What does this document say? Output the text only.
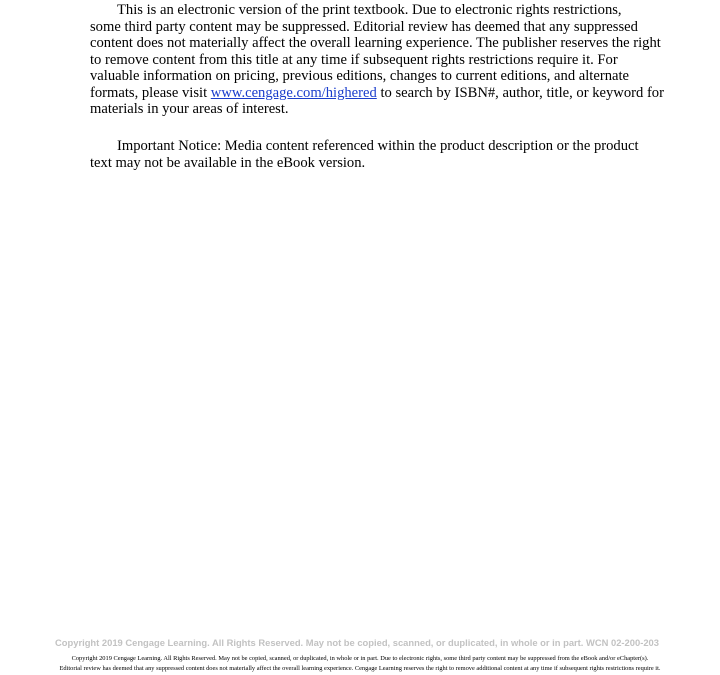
This is an electronic version of the print textbook. Due to electronic rights restrictions,
some third party content may be suppressed. Editorial review has deemed that any suppressed
content does not materially affect the overall learning experience. The publisher reserves the right
to remove content from this title at any time if subsequent rights restrictions require it. For
valuable information on pricing, previous editions, changes to current editions, and alternate
formats, please visit www.cengage.com/highered to search by ISBN#, author, title, or keyword for
materials in your areas of interest.
Important Notice: Media content referenced within the product description or the product
text may not be available in the eBook version.
Copyright 2019 Cengage Learning. All Rights Reserved. May not be copied, scanned, or duplicated, in whole or in part. WCN 02-200-203
Copyright 2019 Cengage Learning. All Rights Reserved. May not be copied, scanned, or duplicated, in whole or in part. Due to electronic rights, some third party content may be suppressed from the eBook and/or eChapter(s).
Editorial review has deemed that any suppressed content does not materially affect the overall learning experience. Cengage Learning reserves the right to remove additional content at any time if subsequent rights restrictions require it.
